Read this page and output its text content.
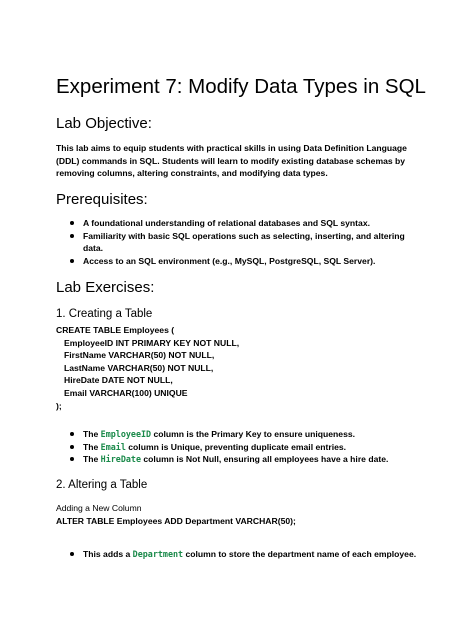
Experiment 7: Modify Data Types in SQL
Lab Objective:

This lab aims to equip students with practical skills in using Data Definition Language
(DDL) commands in SQL. Students will learn to modify existing database schemas by
removing columns, altering constraints, and modifying data types.

Prerequisites:
A foundational understanding of relational databases and SQL syntax.
Familiarity with basic SQL operations such as selecting, inserting, and altering
data.
Access to an SQL environment (e.g., MySQL, PostgreSQL, SQL Server).
Lab Exercises:
1. Creating a Table
CREATE TABLE Employees (
EmployeeID INT PRIMARY KEY NOT NULL,
FirstName VARCHAR(50) NOT NULL,
LastName VARCHAR(50) NOT NULL,
HireDate DATE NOT NULL,
Email VARCHAR(100) UNIQUE
);
The EmployeeID column is the Primary Key to ensure uniqueness.
The Email column is Unique, preventing duplicate email entries.
The HireDate column is Not Null, ensuring all employees have a hire date.
2. Altering a Table
Adding a New Column
ALTER TABLE Employees ADD Department VARCHAR(50);
This adds a Department column to store the department name of each employee.
